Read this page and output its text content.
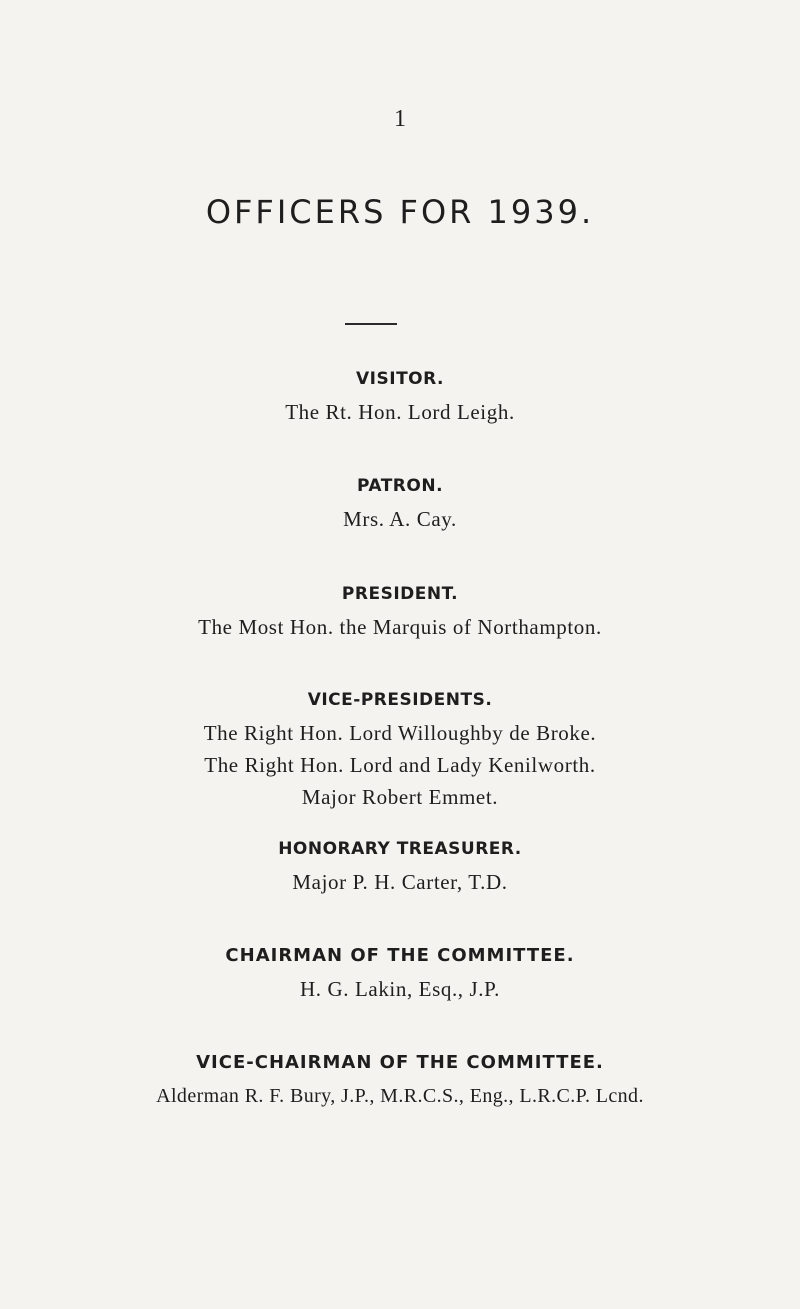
1
OFFICERS FOR 1939.

VISITOR.

The Rt. Hon. Lord Leigh.

PATRON.

Mrs. A. Cay.

PRESIDENT.

The Most Hon. the Marquis of Northampton.

VICE-PRESIDENTS.

The Right Hon. Lord Willoughby de Broke.

The Right Hon. Lord and Lady Kenilworth.

Major Robert Emmet.

HONORARY TREASURER.

Major P. H. Carter, T.D.

CHAIRMAN OF THE COMMITTEE.

H. G. Lakin, Esq., J.P.

VICE-CHAIRMAN OF THE COMMITTEE.

Alderman R. F. Bury, J.P., M.R.C.S., Eng., L.R.C.P. Lcnd.
